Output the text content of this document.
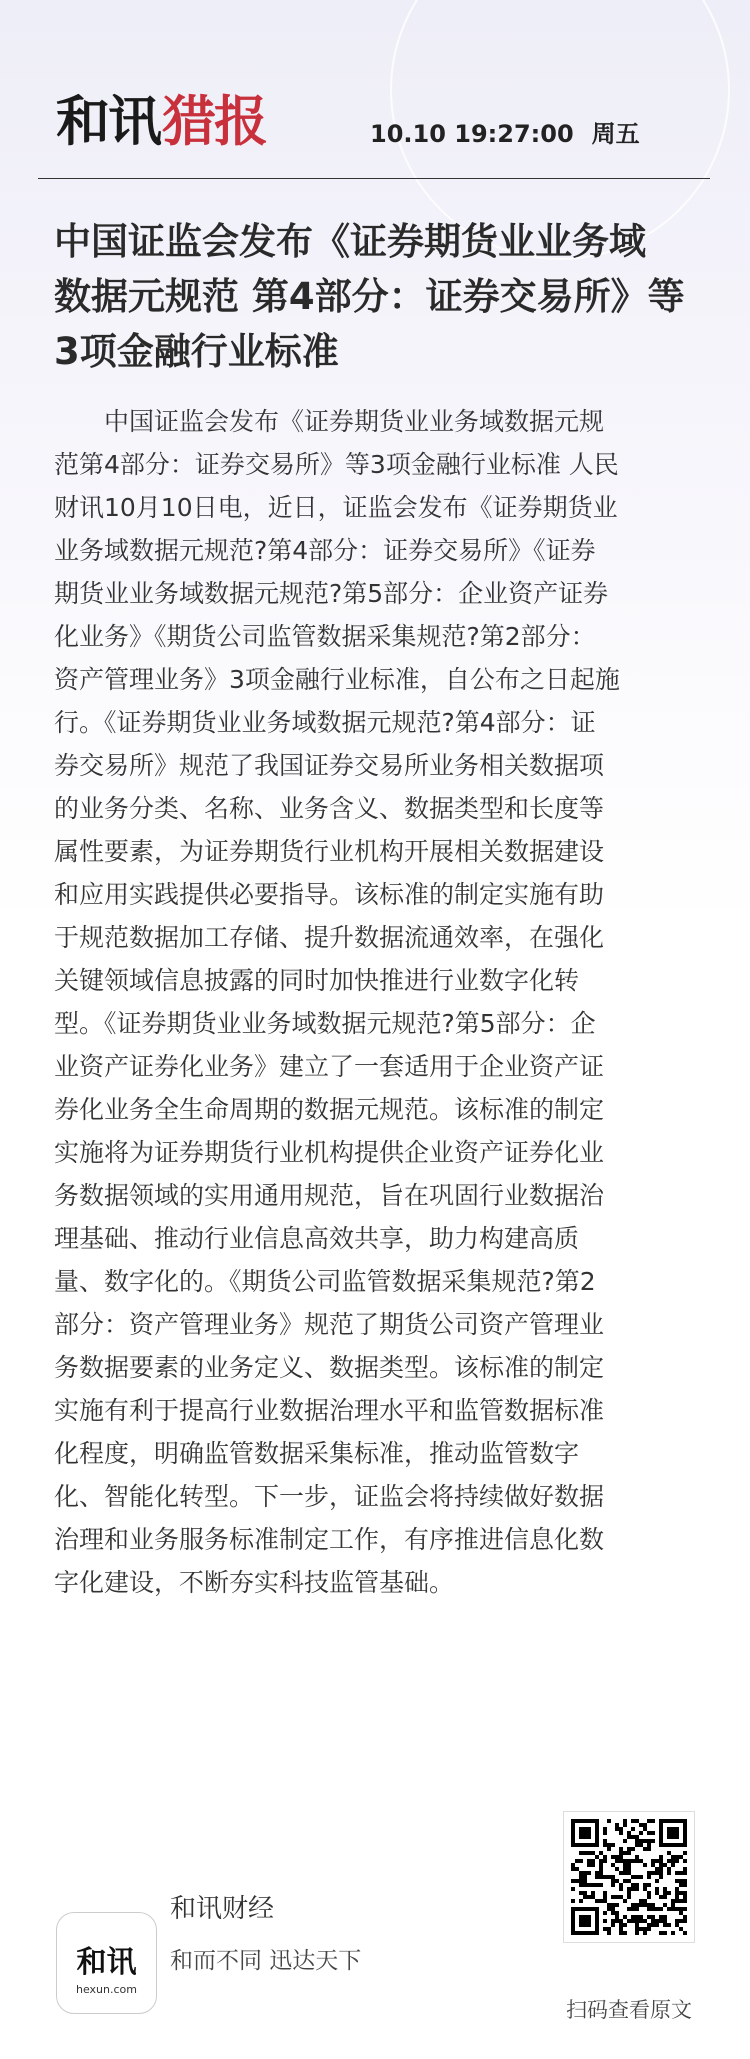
和讯 猎报	10.10 19:27:00 周五
中国证监会发布《证券期货业业务域
数据元规范 第4部分：证券交易所》等
3项金融行业标准
　　中国证监会发布《证券期货业业务域数据元规
范第4部分：证券交易所》等3项金融行业标准 人民
财讯10月10日电，近日，证监会发布《证券期货业
业务域数据元规范?第4部分：证券交易所》《证券
期货业业务域数据元规范?第5部分：企业资产证券
化业务》《期货公司监管数据采集规范?第2部分：
资产管理业务》3项金融行业标准，自公布之日起施
行。《证券期货业业务域数据元规范?第4部分：证
券交易所》规范了我国证券交易所业务相关数据项
的业务分类、名称、业务含义、数据类型和长度等
属性要素，为证券期货行业机构开展相关数据建设
和应用实践提供必要指导。该标准的制定实施有助
于规范数据加工存储、提升数据流通效率，在强化
关键领域信息披露的同时加快推进行业数字化转
型。《证券期货业业务域数据元规范?第5部分：企
业资产证券化业务》建立了一套适用于企业资产证
券化业务全生命周期的数据元规范。该标准的制定
实施将为证券期货行业机构提供企业资产证券化业
务数据领域的实用通用规范，旨在巩固行业数据治
理基础、推动行业信息高效共享，助力构建高质
量、数字化的。《期货公司监管数据采集规范?第2
部分：资产管理业务》规范了期货公司资产管理业
务数据要素的业务定义、数据类型。该标准的制定
实施有利于提高行业数据治理水平和监管数据标准
化程度，明确监管数据采集标准，推动监管数字
化、智能化转型。下一步，证监会将持续做好数据
治理和业务服务标准制定工作，有序推进信息化数
字化建设，不断夯实科技监管基础。
和讯
hexun.com
和讯财经
和而不同 迅达天下
扫码查看原文
